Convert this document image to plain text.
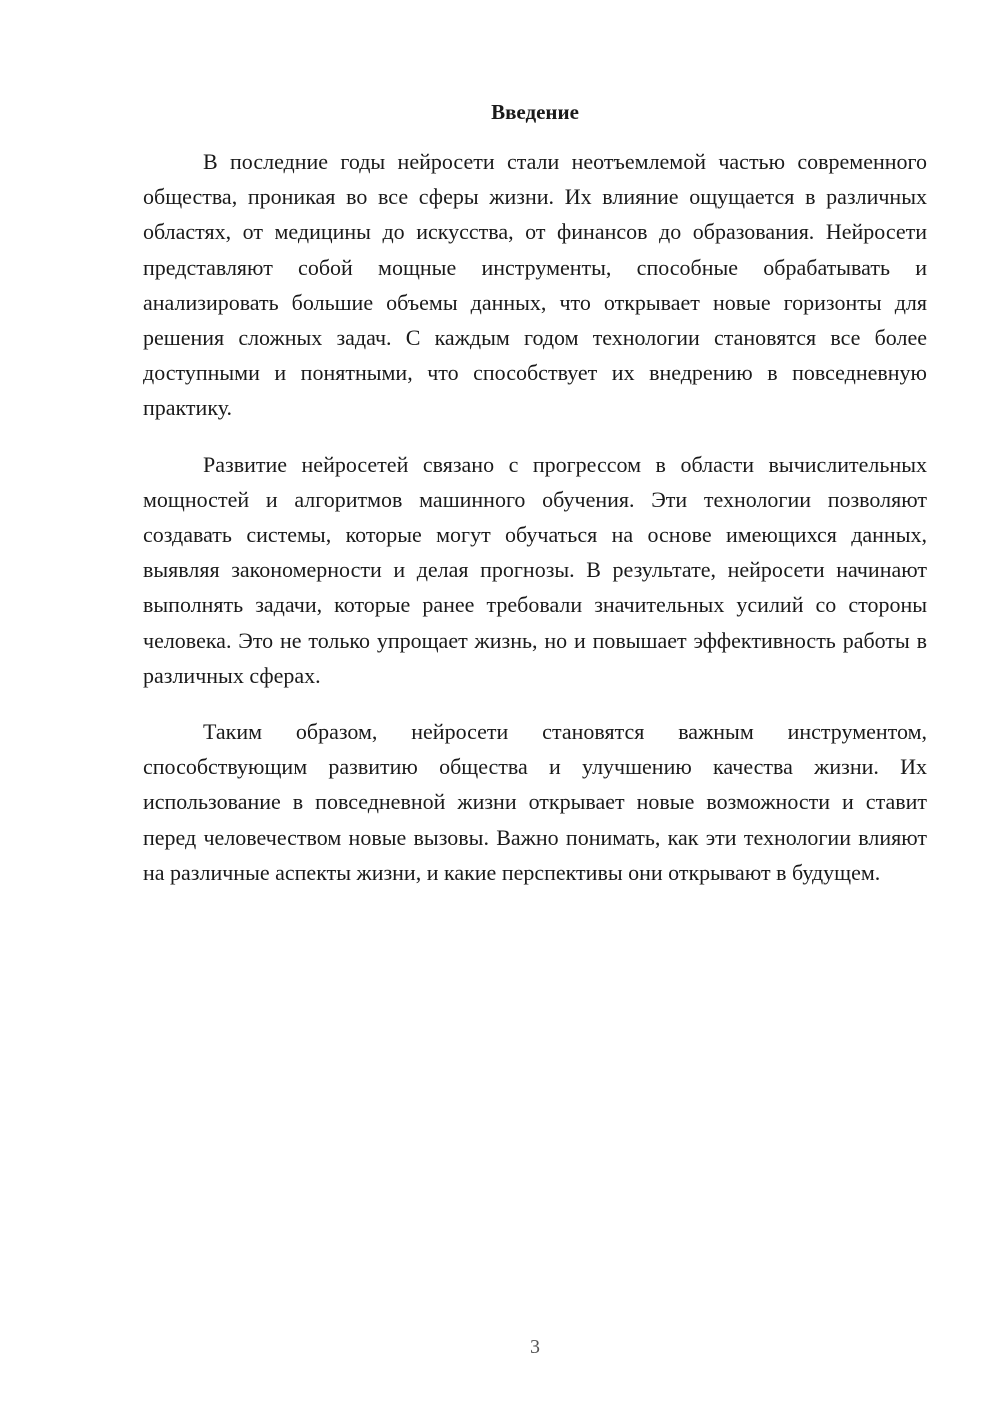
Введение

В последние годы нейросети стали неотъемлемой частью современного общества, проникая во все сферы жизни. Их влияние ощущается в различных областях, от медицины до искусства, от финансов до образования. Нейросети представляют собой мощные инструменты, способные обрабатывать и анализировать большие объемы данных, что открывает новые горизонты для решения сложных задач. С каждым годом технологии становятся все более доступными и понятными, что способствует их внедрению в повседневную практику.

Развитие нейросетей связано с прогрессом в области вычислительных мощностей и алгоритмов машинного обучения. Эти технологии позволяют создавать системы, которые могут обучаться на основе имеющихся данных, выявляя закономерности и делая прогнозы. В результате, нейросети начинают выполнять задачи, которые ранее требовали значительных усилий со стороны человека. Это не только упрощает жизнь, но и повышает эффективность работы в различных сферах.

Таким образом, нейросети становятся важным инструментом, способствующим развитию общества и улучшению качества жизни. Их использование в повседневной жизни открывает новые возможности и ставит перед человечеством новые вызовы. Важно понимать, как эти технологии влияют на различные аспекты жизни, и какие перспективы они открывают в будущем.

3
